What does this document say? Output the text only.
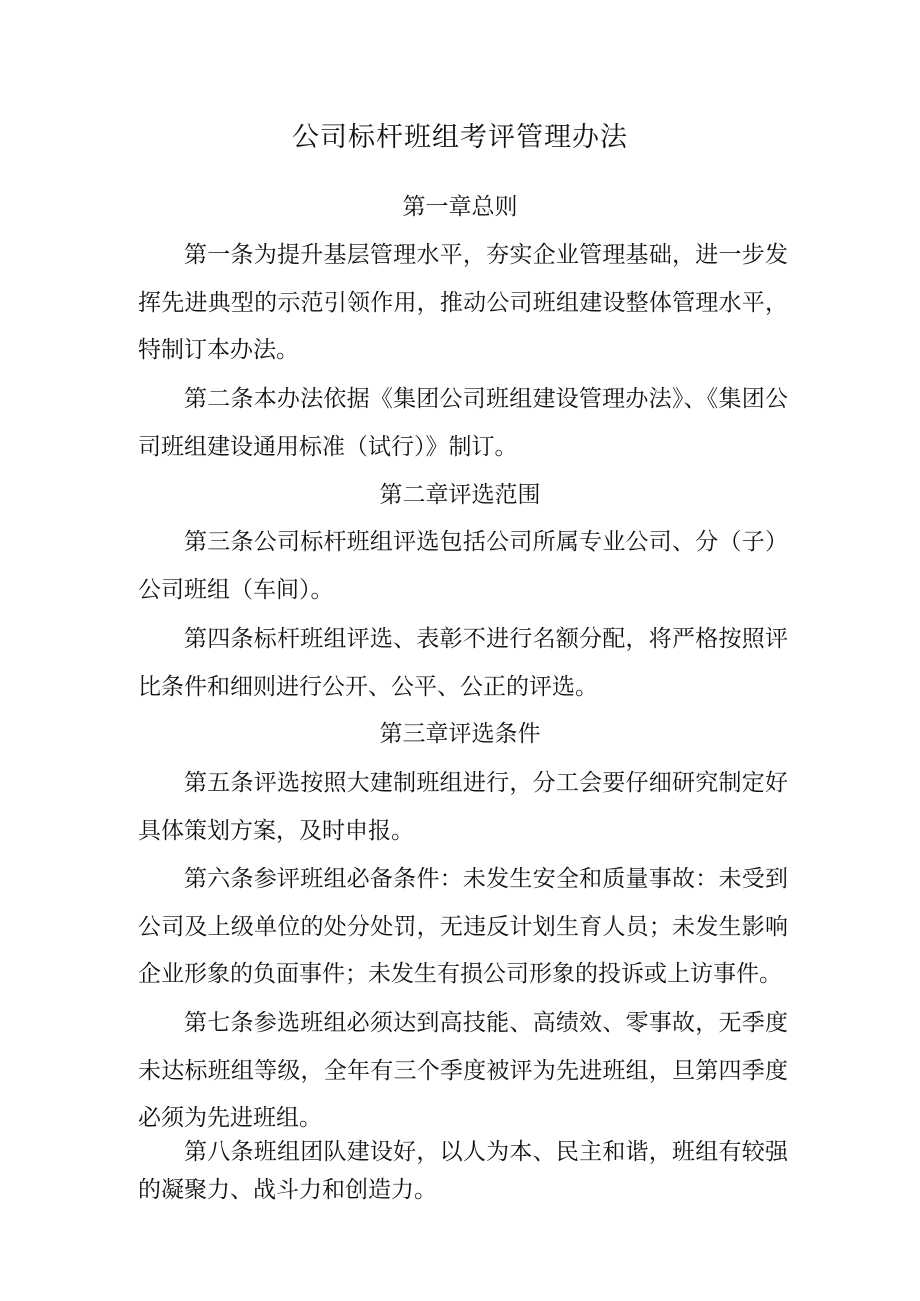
公司标杆班组考评管理办法
第一章总则
第一条为提升基层管理水平，夯实企业管理基础，进一步发挥先进典型的示范引领作用，推动公司班组建设整体管理水平，特制订本办法。
第二条本办法依据《集团公司班组建设管理办法》、《集团公司班组建设通用标准（试行）》制订。
第二章评选范围
第三条公司标杆班组评选包括公司所属专业公司、分（子）公司班组（车间）。
第四条标杆班组评选、表彰不进行名额分配，将严格按照评比条件和细则进行公开、公平、公正的评选。
第三章评选条件
第五条评选按照大建制班组进行，分工会要仔细研究制定好具体策划方案，及时申报。
第六条参评班组必备条件：未发生安全和质量事故：未受到公司及上级单位的处分处罚，无违反计划生育人员；未发生影响企业形象的负面事件；未发生有损公司形象的投诉或上访事件。
第七条参选班组必须达到高技能、高绩效、零事故，无季度未达标班组等级，全年有三个季度被评为先进班组，旦第四季度必须为先进班组。
第八条班组团队建设好，以人为本、民主和谐，班组有较强的凝聚力、战斗力和创造力。
